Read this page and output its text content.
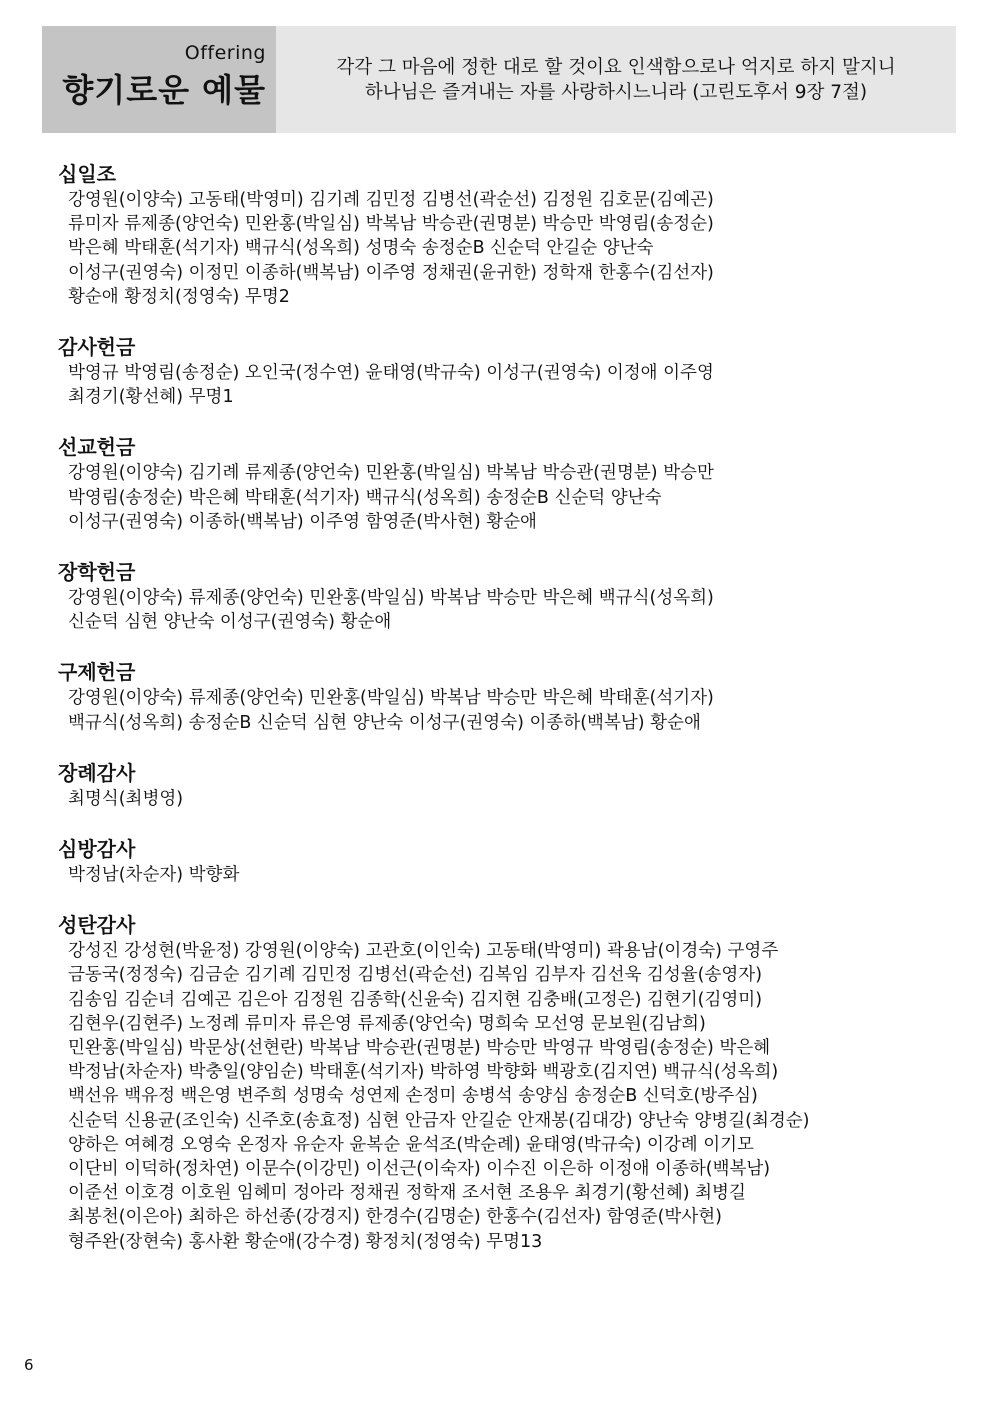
Offering
향기로운 예물
각각 그 마음에 정한 대로 할 것이요 인색함으로나 억지로 하지 말지니
하나님은 즐겨내는 자를 사랑하시느니라 (고린도후서 9장 7절)
십일조
강영원(이양숙) 고동태(박영미) 김기례 김민정 김병선(곽순선) 김정원 김호문(김예곤)
류미자 류제종(양언숙) 민완홍(박일심) 박복남 박승관(권명분) 박승만 박영림(송정순)
박은혜 박태훈(석기자) 백규식(성옥희) 성명숙 송정순B 신순덕 안길순 양난숙
이성구(권영숙) 이정민 이종하(백복남) 이주영 정채권(윤귀한) 정학재 한홍수(김선자)
황순애 황정치(정영숙) 무명2
감사헌금
박영규 박영림(송정순) 오인국(정수연) 윤태영(박규숙) 이성구(권영숙) 이정애 이주영
최경기(황선혜) 무명1
선교헌금
강영원(이양숙) 김기례 류제종(양언숙) 민완홍(박일심) 박복남 박승관(권명분) 박승만
박영림(송정순) 박은혜 박태훈(석기자) 백규식(성옥희) 송정순B 신순덕 양난숙
이성구(권영숙) 이종하(백복남) 이주영 함영준(박사현) 황순애
장학헌금
강영원(이양숙) 류제종(양언숙) 민완홍(박일심) 박복남 박승만 박은혜 백규식(성옥희)
신순덕 심현 양난숙 이성구(권영숙) 황순애
구제헌금
강영원(이양숙) 류제종(양언숙) 민완홍(박일심) 박복남 박승만 박은혜 박태훈(석기자)
백규식(성옥희) 송정순B 신순덕 심현 양난숙 이성구(권영숙) 이종하(백복남) 황순애
장례감사
최명식(최병영)
심방감사
박정남(차순자) 박향화
성탄감사
강성진 강성현(박윤정) 강영원(이양숙) 고관호(이인숙) 고동태(박영미) 곽용남(이경숙) 구영주
금동국(정정숙) 김금순 김기례 김민정 김병선(곽순선) 김복임 김부자 김선욱 김성율(송영자)
김송임 김순녀 김예곤 김은아 김정원 김종학(신윤숙) 김지현 김충배(고정은) 김현기(김영미)
김현우(김현주) 노정례 류미자 류은영 류제종(양언숙) 명희숙 모선영 문보원(김남희)
민완홍(박일심) 박문상(선현란) 박복남 박승관(권명분) 박승만 박영규 박영림(송정순) 박은혜
박정남(차순자) 박충일(양임순) 박태훈(석기자) 박하영 박향화 백광호(김지연) 백규식(성옥희)
백선유 백유정 백은영 변주희 성명숙 성연제 손정미 송병석 송양심 송정순B 신덕호(방주심)
신순덕 신용균(조인숙) 신주호(송효정) 심현 안금자 안길순 안재봉(김대강) 양난숙 양병길(최경순)
양하은 여혜경 오영숙 온정자 유순자 윤복순 윤석조(박순례) 윤태영(박규숙) 이강례 이기모
이단비 이덕하(정차연) 이문수(이강민) 이선근(이숙자) 이수진 이은하 이정애 이종하(백복남)
이준선 이호경 이호원 임혜미 정아라 정채권 정학재 조서현 조용우 최경기(황선혜) 최병길
최봉천(이은아) 최하은 하선종(강경지) 한경수(김명순) 한홍수(김선자) 함영준(박사현)
형주완(장현숙) 홍사환 황순애(강수경) 황정치(정영숙) 무명13
6
